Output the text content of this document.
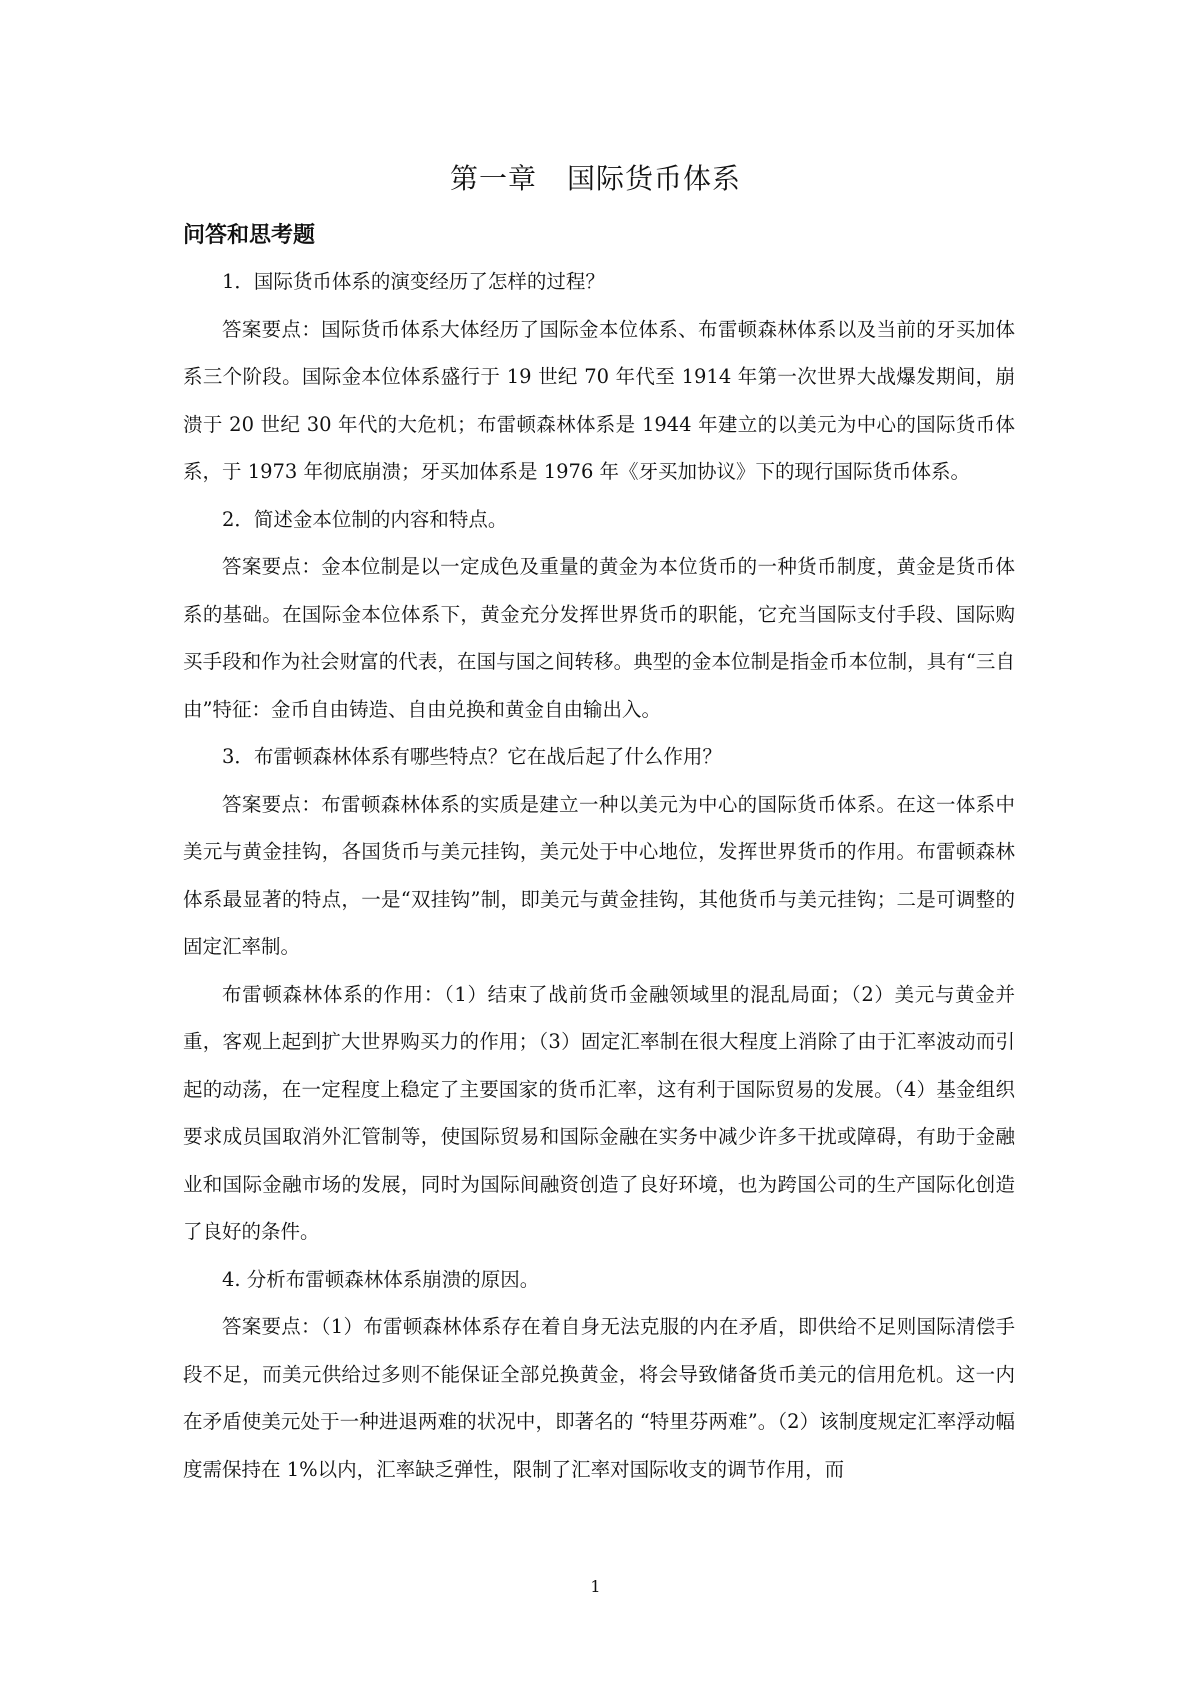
第一章 国际货币体系
问答和思考题

1．国际货币体系的演变经历了怎样的过程？

答案要点：国际货币体系大体经历了国际金本位体系、布雷顿森林体系以及当前的牙买加体系三个阶段。国际金本位体系盛行于 19 世纪 70 年代至 1914 年第一次世界大战爆发期间，崩溃于 20 世纪 30 年代的大危机；布雷顿森林体系是 1944 年建立的以美元为中心的国际货币体系，于 1973 年彻底崩溃；牙买加体系是 1976 年《牙买加协议》下的现行国际货币体系。

2．简述金本位制的内容和特点。

答案要点：金本位制是以一定成色及重量的黄金为本位货币的一种货币制度，黄金是货币体系的基础。在国际金本位体系下，黄金充分发挥世界货币的职能，它充当国际支付手段、国际购买手段和作为社会财富的代表，在国与国之间转移。典型的金本位制是指金币本位制，具有“三自由”特征：金币自由铸造、自由兑换和黄金自由输出入。

3．布雷顿森林体系有哪些特点？它在战后起了什么作用？

答案要点：布雷顿森林体系的实质是建立一种以美元为中心的国际货币体系。在这一体系中美元与黄金挂钩，各国货币与美元挂钩，美元处于中心地位，发挥世界货币的作用。布雷顿森林体系最显著的特点，一是“双挂钩”制，即美元与黄金挂钩，其他货币与美元挂钩；二是可调整的固定汇率制。

布雷顿森林体系的作用：（1）结束了战前货币金融领域里的混乱局面；（2）美元与黄金并重，客观上起到扩大世界购买力的作用；（3）固定汇率制在很大程度上消除了由于汇率波动而引起的动荡，在一定程度上稳定了主要国家的货币汇率，这有利于国际贸易的发展。（4）基金组织要求成员国取消外汇管制等，使国际贸易和国际金融在实务中减少许多干扰或障碍，有助于金融业和国际金融市场的发展，同时为国际间融资创造了良好环境，也为跨国公司的生产国际化创造了良好的条件。

4. 分析布雷顿森林体系崩溃的原因。

答案要点：（1）布雷顿森林体系存在着自身无法克服的内在矛盾，即供给不足则国际清偿手段不足，而美元供给过多则不能保证全部兑换黄金，将会导致储备货币美元的信用危机。这一内在矛盾使美元处于一种进退两难的状况中，即著名的 “特里芬两难”。（2）该制度规定汇率浮动幅度需保持在 1%以内，汇率缺乏弹性，限制了汇率对国际收支的调节作用，而

1
